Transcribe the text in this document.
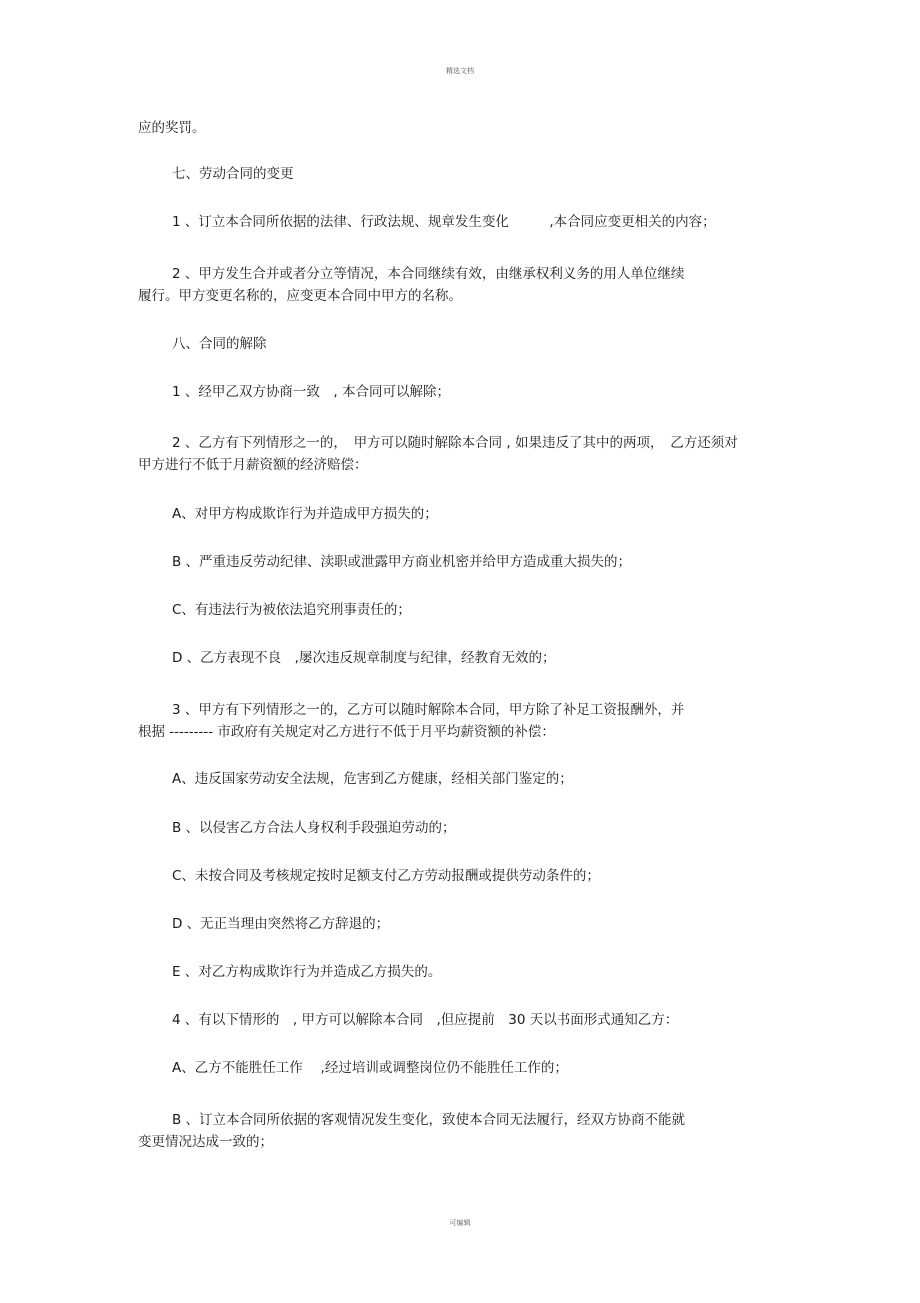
精选文档

应的奖罚。

七、劳动合同的变更

1 、订立本合同所依据的法律、行政法规、规章发生变化　　　,本合同应变更相关的内容；

2 、甲方发生合并或者分立等情况，本合同继续有效，由继承权利义务的用人单位继续

履行。甲方变更名称的，应变更本合同中甲方的名称。

八、合同的解除

1 、经甲乙双方协商一致　, 本合同可以解除；

2 、乙方有下列情形之一的，　甲方可以随时解除本合同 , 如果违反了其中的两项，　乙方还须对

甲方进行不低于月薪资额的经济赔偿：

A、对甲方构成欺诈行为并造成甲方损失的；

B 、严重违反劳动纪律、渎职或泄露甲方商业机密并给甲方造成重大损失的；

C、有违法行为被依法追究刑事责任的；

D 、乙方表现不良　,屡次违反规章制度与纪律，经教育无效的；

3 、甲方有下列情形之一的，乙方可以随时解除本合同，甲方除了补足工资报酬外，并

根据 --------- 市政府有关规定对乙方进行不低于月平均薪资额的补偿：

A、违反国家劳动安全法规，危害到乙方健康，经相关部门鉴定的；

B 、以侵害乙方合法人身权利手段强迫劳动的；

C、未按合同及考核规定按时足额支付乙方劳动报酬或提供劳动条件的；

D 、无正当理由突然将乙方辞退的；

E 、对乙方构成欺诈行为并造成乙方损失的。

4 、有以下情形的　, 甲方可以解除本合同　,但应提前　30 天以书面形式通知乙方：

A、乙方不能胜任工作　 ,经过培训或调整岗位仍不能胜任工作的；

B 、订立本合同所依据的客观情况发生变化，致使本合同无法履行，经双方协商不能就

变更情况达成一致的；

可编辑
